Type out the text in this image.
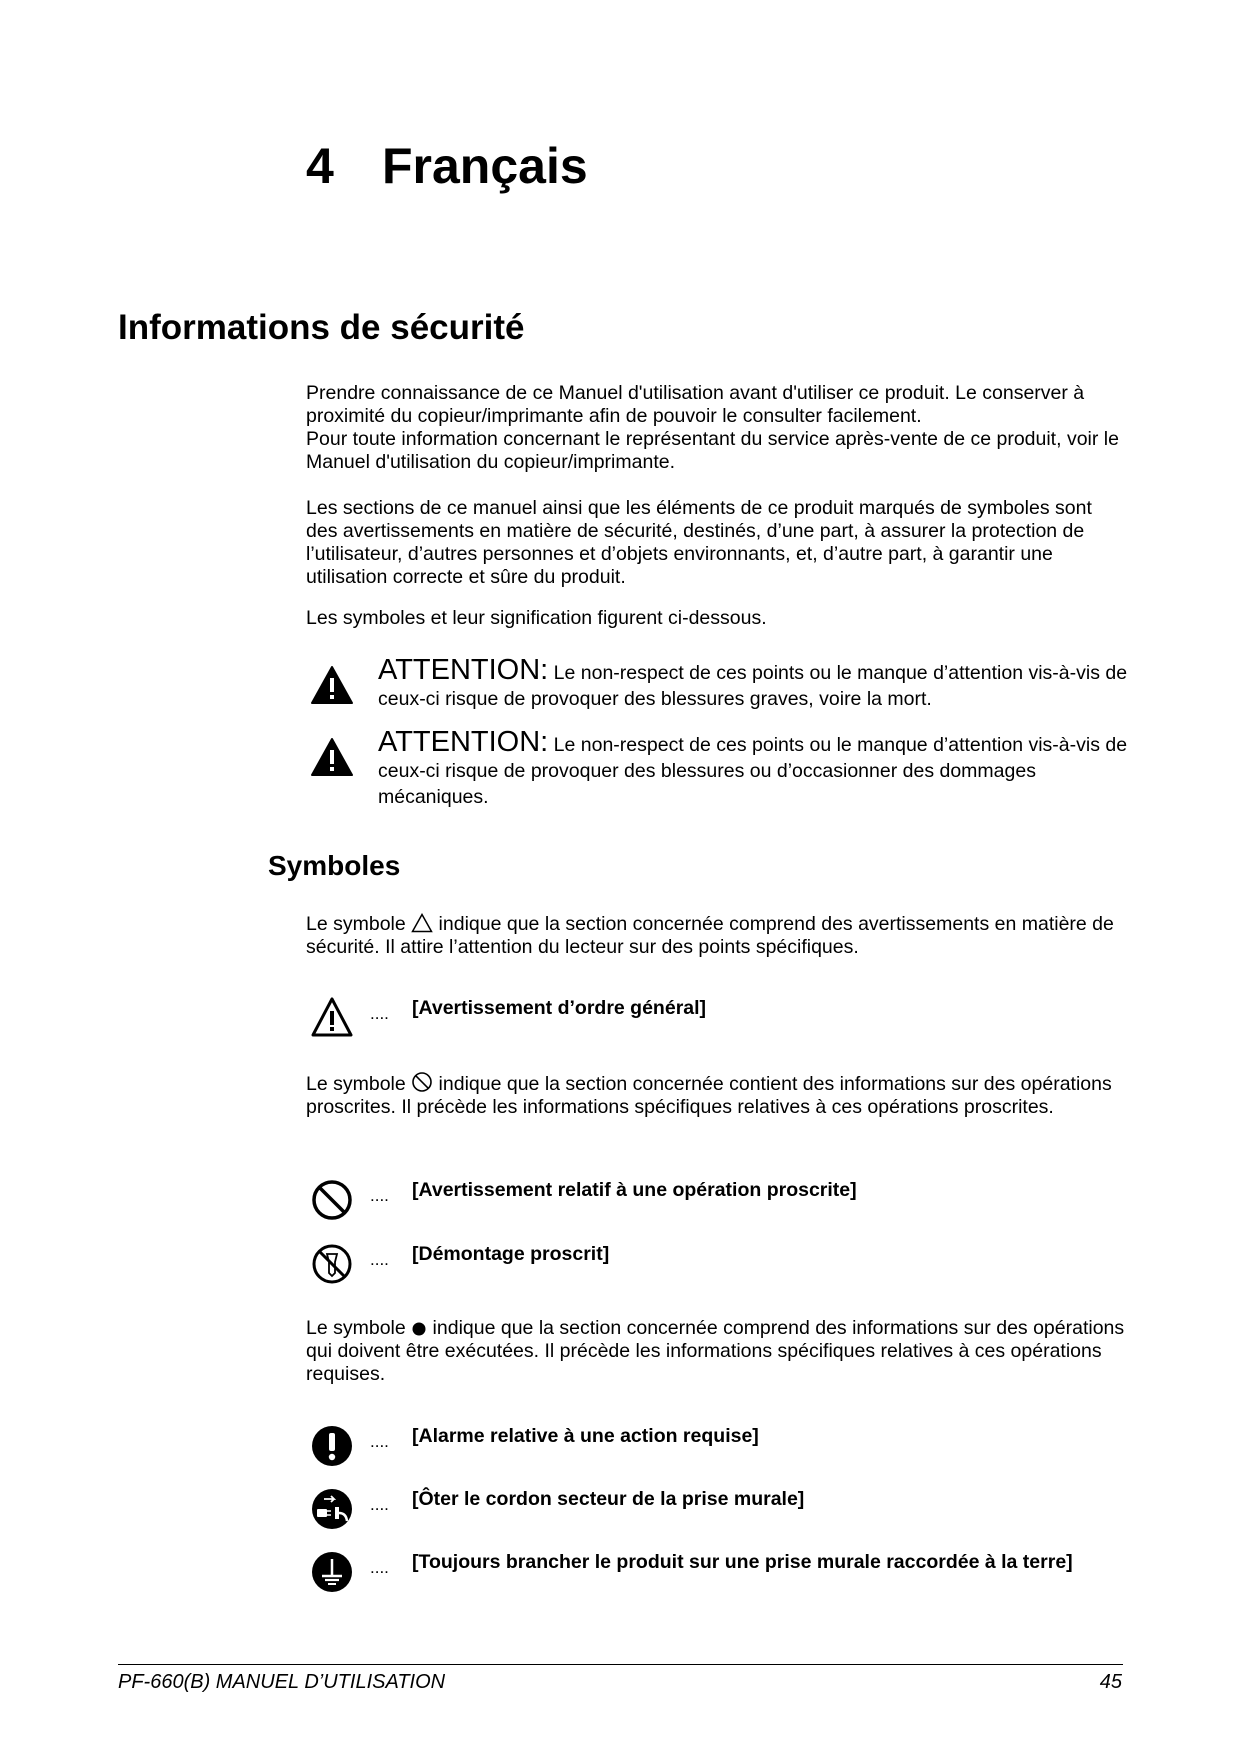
4 Français
Informations de sécurité

Prendre connaissance de ce Manuel d'utilisation avant d'utiliser ce produit. Le conserver à proximité du copieur/imprimante afin de pouvoir le consulter facilement.

Pour toute information concernant le représentant du service après-vente de ce produit, voir le Manuel d'utilisation du copieur/imprimante.

Les sections de ce manuel ainsi que les éléments de ce produit marqués de symboles sont des avertissements en matière de sécurité, destinés, d’une part, à assurer la protection de l’utilisateur, d’autres personnes et d’objets environnants, et, d’autre part, à garantir une utilisation correcte et sûre du produit.

Les symboles et leur signification figurent ci-dessous.

ATTENTION: Le non-respect de ces points ou le manque d’attention vis-à-vis de ceux-ci risque de provoquer des blessures graves, voire la mort.
ATTENTION: Le non-respect de ces points ou le manque d’attention vis-à-vis de ceux-ci risque de provoquer des blessures ou d’occasionner des dommages mécaniques.
Symboles

Le symbole  indique que la section concernée comprend des avertissements en matière de sécurité. Il attire l’attention du lecteur sur des points spécifiques.

.... [Avertissement d’ordre général]

Le symbole  indique que la section concernée contient des informations sur des opérations proscrites. Il précède les informations spécifiques relatives à ces opérations proscrites.

.... [Avertissement relatif à une opération proscrite]
.... [Démontage proscrit]

Le symbole  indique que la section concernée comprend des informations sur des opérations qui doivent être exécutées. Il précède les informations spécifiques relatives à ces opérations requises.

.... [Alarme relative à une action requise]
.... [Ôter le cordon secteur de la prise murale]
.... [Toujours brancher le produit sur une prise murale raccordée à la terre]
PF-660(B) MANUEL D’UTILISATION	45
